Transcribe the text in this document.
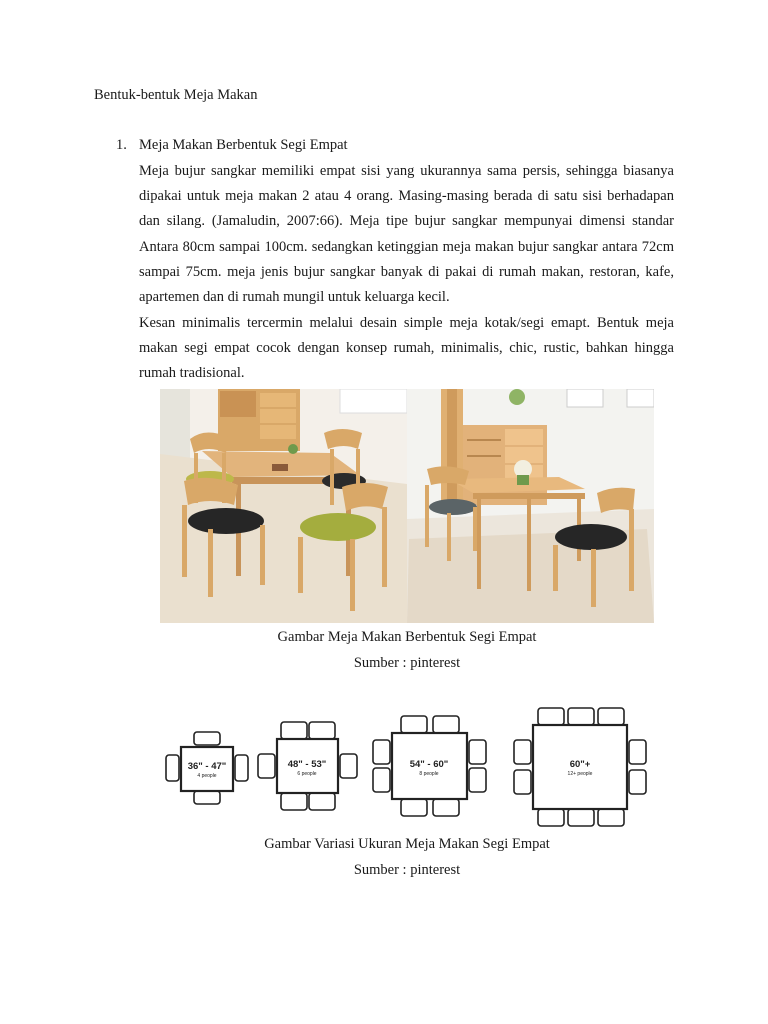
Bentuk-bentuk Meja Makan
1. Meja Makan Berbentuk Segi Empat

Meja bujur sangkar memiliki empat sisi yang ukurannya sama persis, sehingga biasanya dipakai untuk meja makan 2 atau 4 orang. Masing-masing berada di satu sisi berhadapan dan silang. (Jamaludin, 2007:66). Meja tipe bujur sangkar mempunyai dimensi standar Antara 80cm sampai 100cm. sedangkan ketinggian meja makan bujur sangkar antara 72cm sampai 75cm. meja jenis bujur sangkar banyak di pakai di rumah makan, restoran, kafe, apartemen dan di rumah mungil untuk keluarga kecil.

Kesan minimalis tercermin melalui desain simple meja kotak/segi emapt. Bentuk meja makan segi empat cocok dengan konsep rumah, minimalis, chic, rustic, bahkan hingga rumah tradisional.

Gambar Meja Makan Berbentuk Segi Empat
Sumber : pinterest
36" - 47"
4 people
48" - 53"
6 people
54" - 60"
8 people
60"+
12+ people
Gambar Variasi Ukuran Meja Makan Segi Empat
Sumber : pinterest
